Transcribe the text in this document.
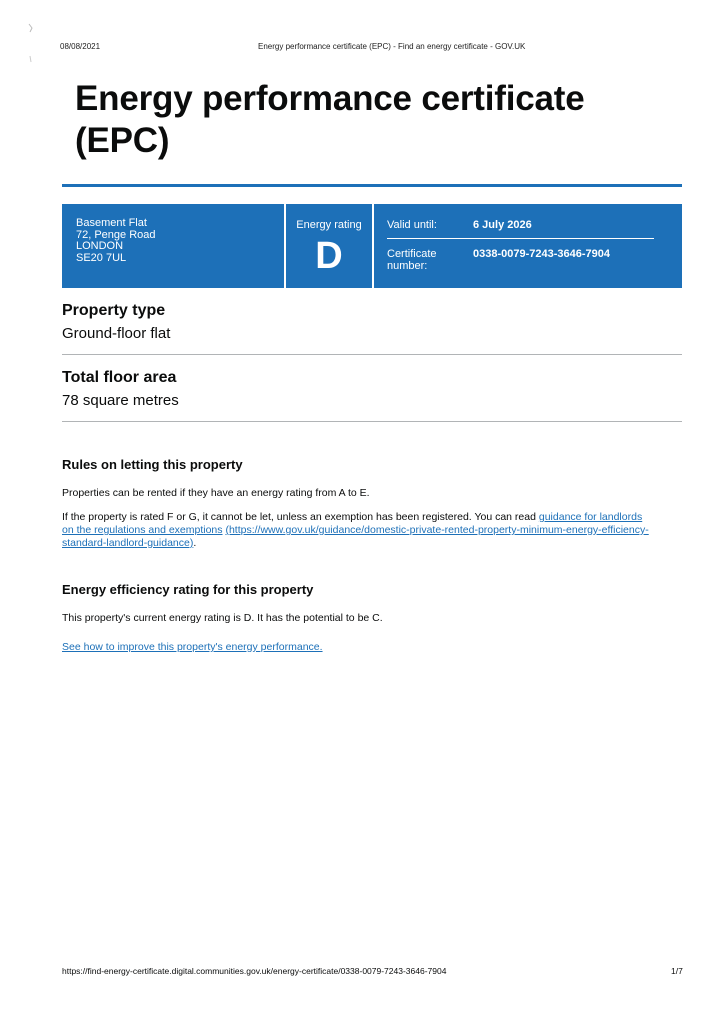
08/08/2021	Energy performance certificate (EPC) - Find an energy certificate - GOV.UK
Energy performance certificate (EPC)
Basement Flat
72, Penge Road
LONDON
SE20 7UL
Energy rating
D
Valid until:	6 July 2026
Certificate number:
0338-0079-7243-3646-7904
Property type
Ground-floor flat
Total floor area
78 square metres
Rules on letting this property
Properties can be rented if they have an energy rating from A to E.
If the property is rated F or G, it cannot be let, unless an exemption has been registered. You can read guidance for landlords
on the regulations and exemptions (https://www.gov.uk/guidance/domestic-private-rented-property-minimum-energy-efficiency-
standard-landlord-guidance).
Energy efficiency rating for this property
This property's current energy rating is D. It has the potential to be C.
See how to improve this property's energy performance.
https://find-energy-certificate.digital.communities.gov.uk/energy-certificate/0338-0079-7243-3646-7904	1/7
